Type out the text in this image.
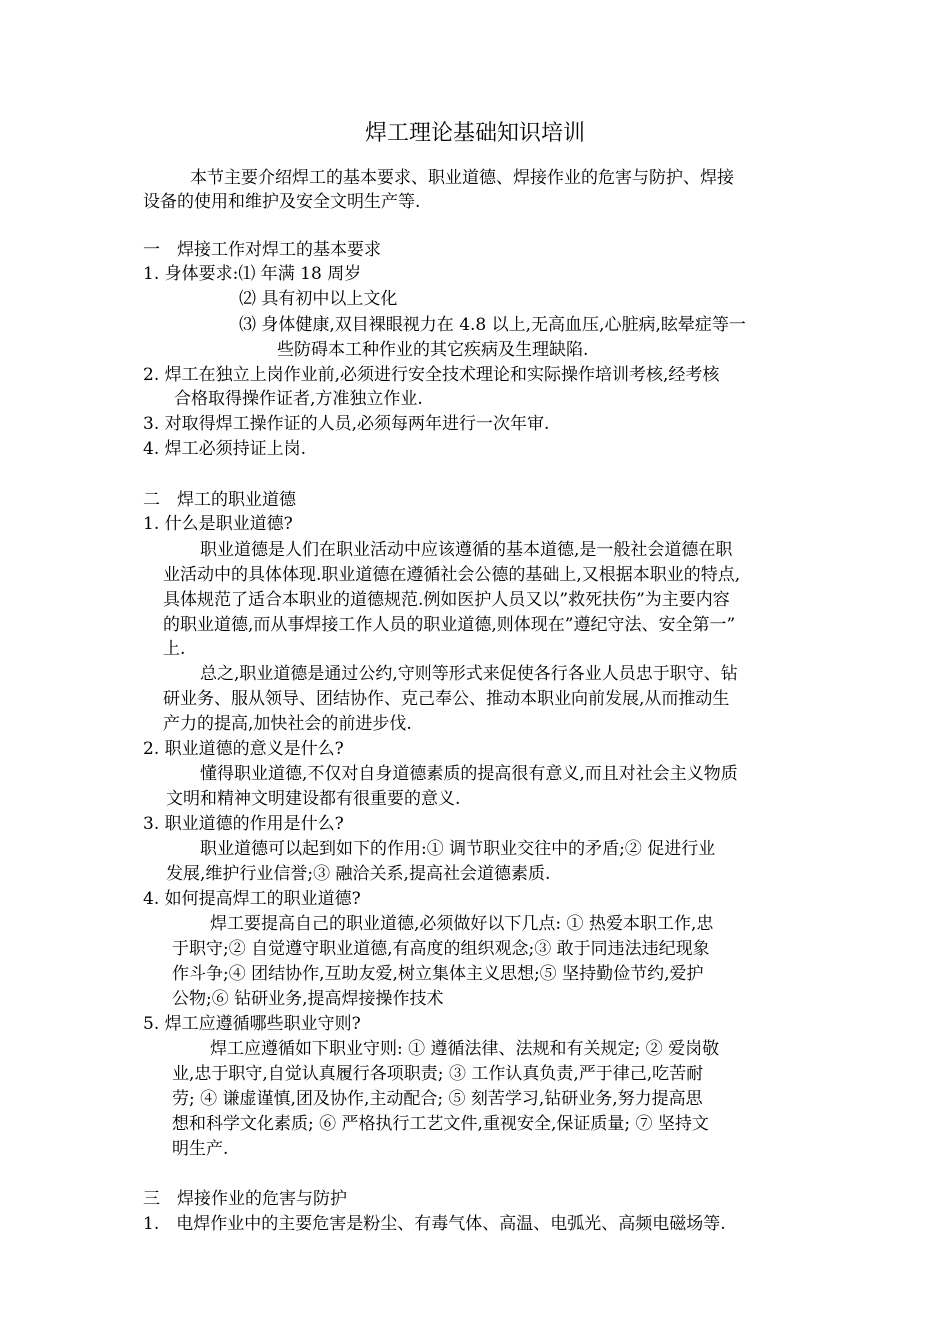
焊工理论基础知识培训
本节主要介绍焊工的基本要求、职业道德、焊接作业的危害与防护、焊接
设备的使用和维护及安全文明生产等.
一　焊接工作对焊工的基本要求
1. 身体要求:⑴ 年满 18 周岁
⑵ 具有初中以上文化
⑶ 身体健康,双目裸眼视力在 4.8 以上,无高血压,心脏病,眩晕症等一
些防碍本工种作业的其它疾病及生理缺陷.
2. 焊工在独立上岗作业前,必须进行安全技术理论和实际操作培训考核,经考核
合格取得操作证者,方准独立作业.
3. 对取得焊工操作证的人员,必须每两年进行一次年审.
4. 焊工必须持证上岗.
二　焊工的职业道德
1. 什么是职业道德?
职业道德是人们在职业活动中应该遵循的基本道德,是一般社会道德在职
业活动中的具体体现.职业道德在遵循社会公德的基础上,又根据本职业的特点,
具体规范了适合本职业的道德规范.例如医护人员又以”救死扶伤”为主要内容
的职业道德,而从事焊接工作人员的职业道德,则体现在”遵纪守法、安全第一”
上.
总之,职业道德是通过公约,守则等形式来促使各行各业人员忠于职守、钻
研业务、服从领导、团结协作、克己奉公、推动本职业向前发展,从而推动生
产力的提高,加快社会的前进步伐.
2. 职业道德的意义是什么?
懂得职业道德,不仅对自身道德素质的提高很有意义,而且对社会主义物质
文明和精神文明建设都有很重要的意义.
3. 职业道德的作用是什么?
职业道德可以起到如下的作用:① 调节职业交往中的矛盾;② 促进行业
发展,维护行业信誉;③ 融洽关系,提高社会道德素质.
4. 如何提高焊工的职业道德?
焊工要提高自己的职业道德,必须做好以下几点: ① 热爱本职工作,忠
于职守;② 自觉遵守职业道德,有高度的组织观念;③ 敢于同违法违纪现象
作斗争;④ 团结协作,互助友爱,树立集体主义思想;⑤ 坚持勤俭节约,爱护
公物;⑥ 钻研业务,提高焊接操作技术
5. 焊工应遵循哪些职业守则?
焊工应遵循如下职业守则: ① 遵循法律、法规和有关规定; ② 爱岗敬
业,忠于职守,自觉认真履行各项职责; ③ 工作认真负责,严于律己,吃苦耐
劳; ④ 谦虚谨慎,团及协作,主动配合; ⑤ 刻苦学习,钻研业务,努力提高思
想和科学文化素质; ⑥ 严格执行工艺文件,重视安全,保证质量; ⑦ 坚持文
明生产.
三　焊接作业的危害与防护
1.　电焊作业中的主要危害是粉尘、有毒气体、高温、电弧光、高频电磁场等.
